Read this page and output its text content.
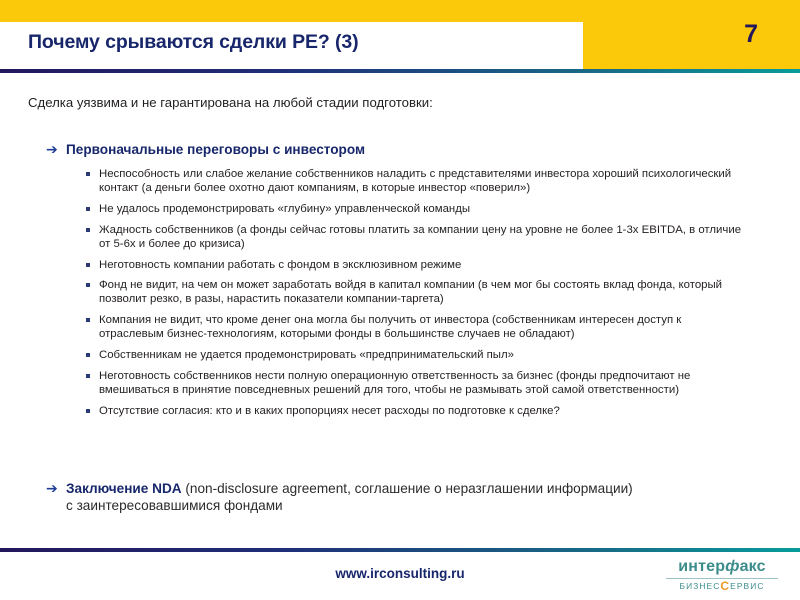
Почему срываются сделки PE? (3)	7
Сделка уязвима и не гарантирована на любой стадии подготовки:
➔ Первоначальные переговоры с инвестором
Неспособность или слабое желание собственников наладить с представителями инвестора хороший психологический контакт (а деньги более охотно дают компаниям, в которые инвестор «поверил»)
Не удалось продемонстрировать «глубину» управленческой команды
Жадность собственников (а фонды сейчас готовы платить за компании цену на уровне не более 1-3х EBITDA, в отличие от 5-6х и более до кризиса)
Неготовность компании работать с фондом в эксклюзивном режиме
Фонд не видит, на чем он может заработать войдя в капитал компании (в чем мог бы состоять вклад фонда, который позволит резко, в разы, нарастить показатели компании-таргета)
Компания не видит, что кроме денег она могла бы получить от инвестора (собственникам интересен доступ к отраслевым бизнес-технологиям, которыми фонды в большинстве случаев не обладают)
Собственникам не удается продемонстрировать «предпринимательский пыл»
Неготовность собственников нести полную операционную ответственность за бизнес (фонды предпочитают не вмешиваться в принятие повседневных решений для того, чтобы не размывать этой самой ответственности)
Отсутствие согласия: кто и в каких пропорциях несет расходы по подготовке к сделке?
➔ Заключение NDA (non-disclosure agreement, соглашение о неразглашении информации)
с заинтересовавшимися фондами
www.irconsulting.ru	интерфакс
БИЗНЕССЕРВИС
